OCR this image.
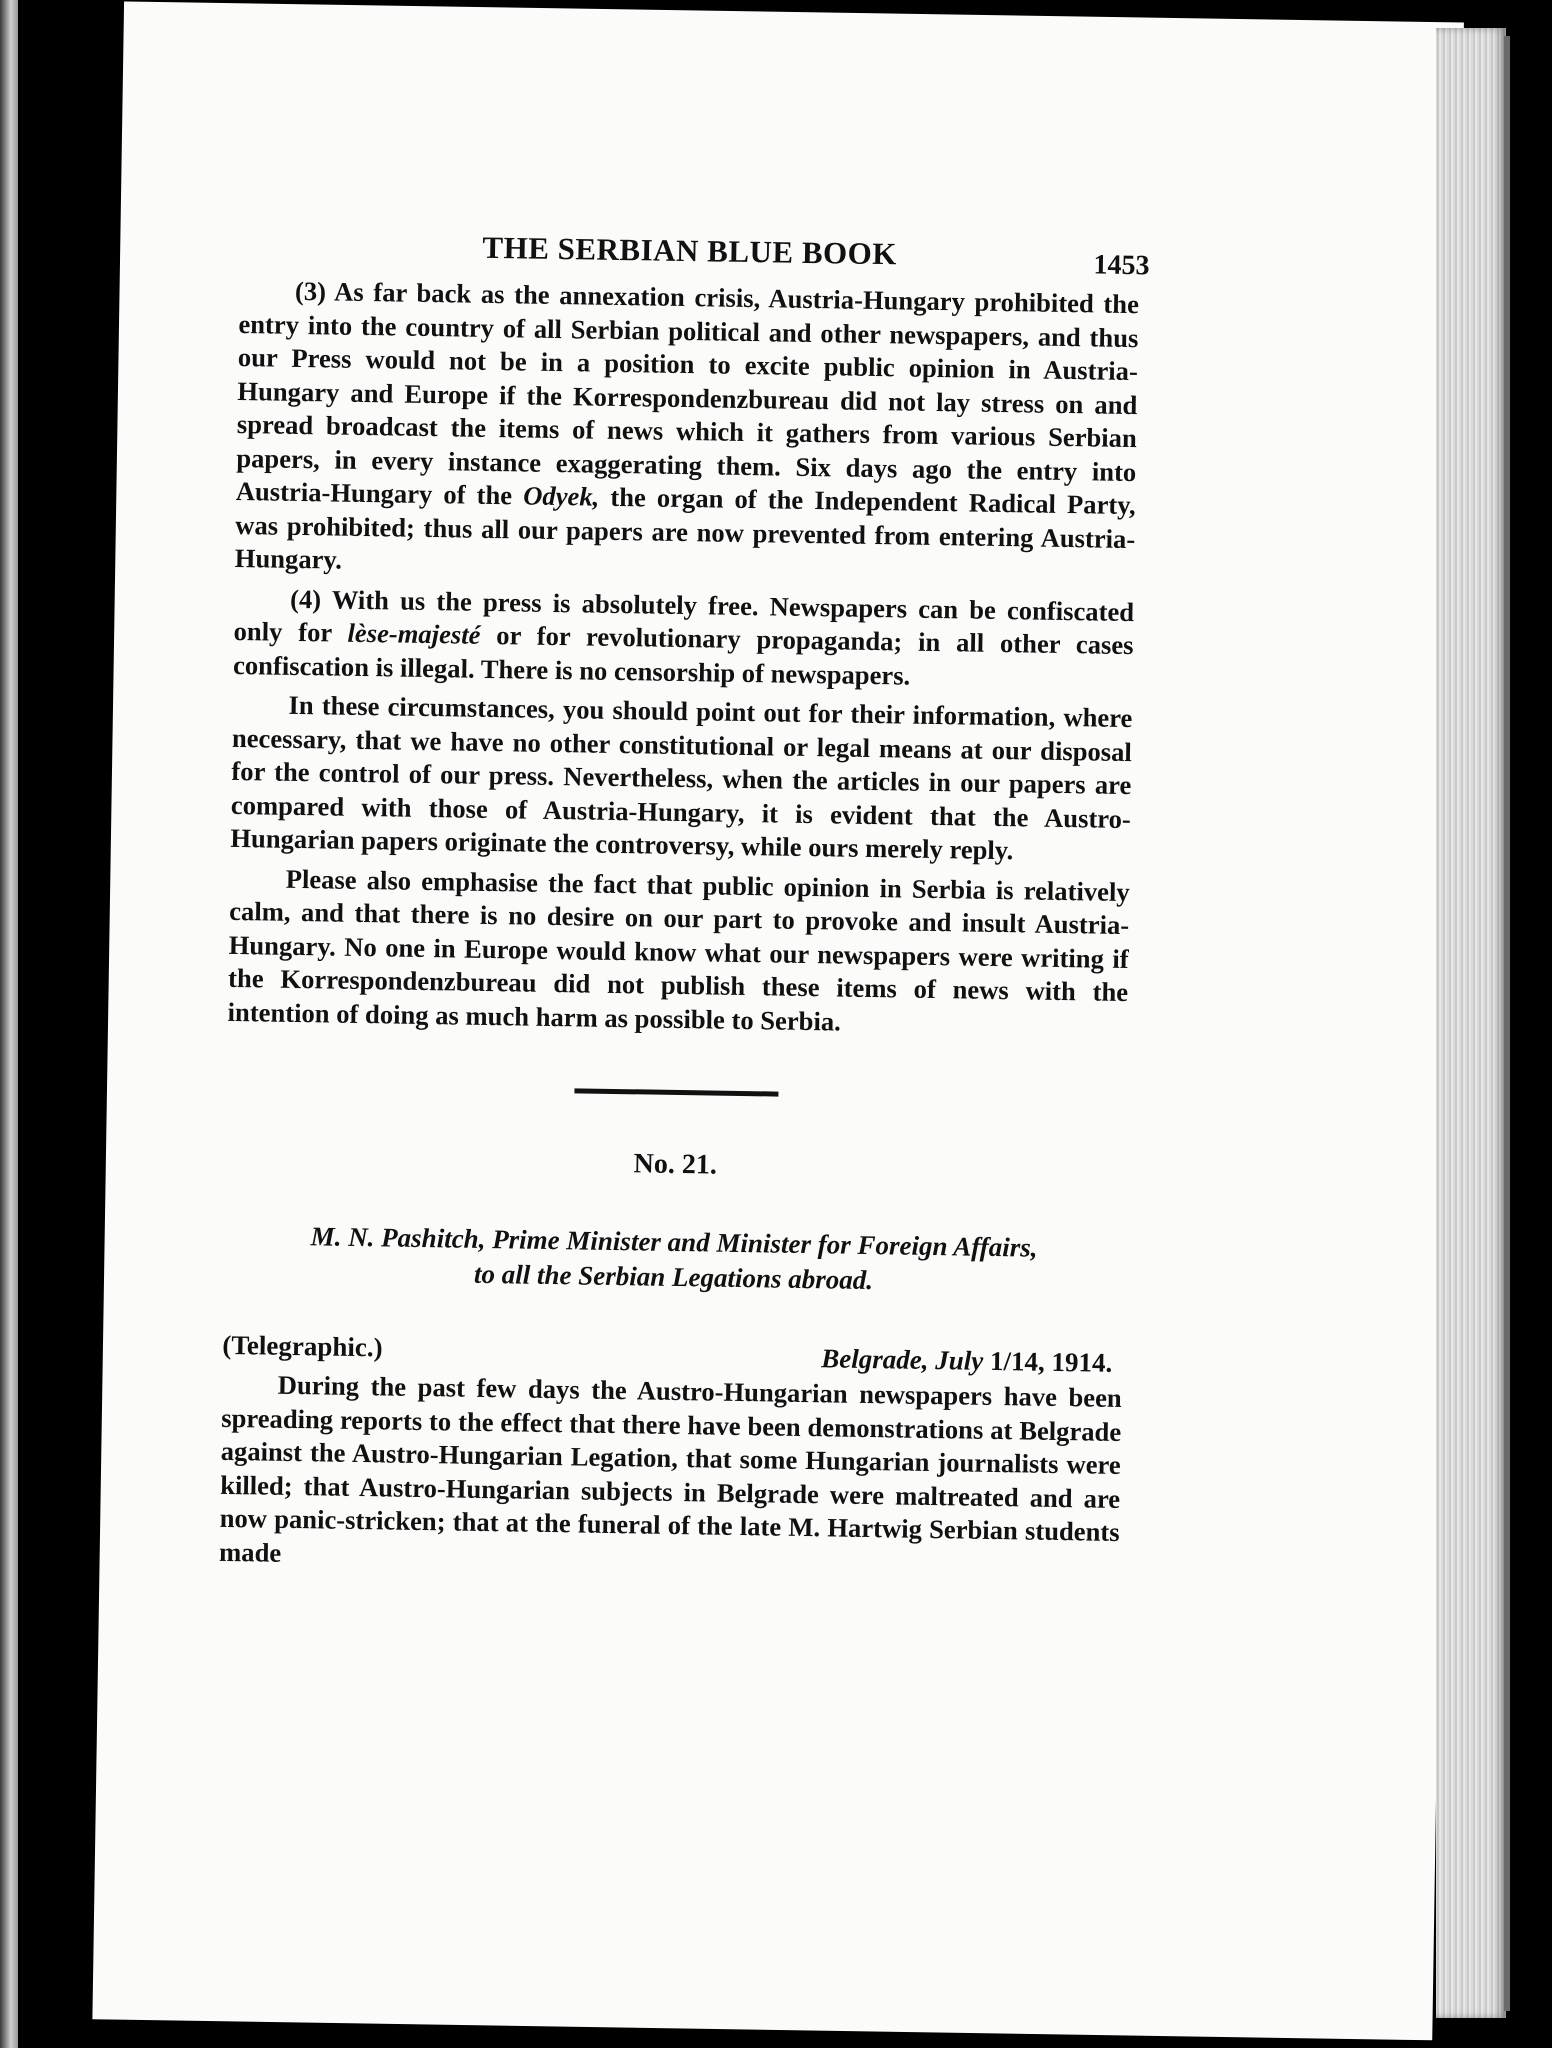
THE SERBIAN BLUE BOOK	1453

(3) As far back as the annexation crisis, Austria-Hungary prohibited the entry into the country of all Serbian political and other newspapers, and thus our Press would not be in a position to excite public opinion in Austria-Hungary and Europe if the Korrespondenzbureau did not lay stress on and spread broadcast the items of news which it gathers from various Serbian papers, in every instance exaggerating them. Six days ago the entry into Austria-Hungary of the Odyek, the organ of the Independent Radical Party, was prohibited; thus all our papers are now prevented from entering Austria-Hungary.

(4) With us the press is absolutely free. Newspapers can be confiscated only for lèse-majesté or for revolutionary propaganda; in all other cases confiscation is illegal. There is no censorship of newspapers.

In these circumstances, you should point out for their information, where necessary, that we have no other constitutional or legal means at our disposal for the control of our press. Nevertheless, when the articles in our papers are compared with those of Austria-Hungary, it is evident that the Austro-Hungarian papers originate the controversy, while ours merely reply.

Please also emphasise the fact that public opinion in Serbia is relatively calm, and that there is no desire on our part to provoke and insult Austria-Hungary. No one in Europe would know what our newspapers were writing if the Korrespondenzbureau did not publish these items of news with the intention of doing as much harm as possible to Serbia.

No. 21.
M. N. Pashitch, Prime Minister and Minister for Foreign Affairs,
to all the Serbian Legations abroad.
(Telegraphic.)	Belgrade, July 1/14, 1914.

During the past few days the Austro-Hungarian newspapers have been spreading reports to the effect that there have been demonstrations at Belgrade against the Austro-Hungarian Legation, that some Hungarian journalists were killed; that Austro-Hungarian subjects in Belgrade were maltreated and are now panic-stricken; that at the funeral of the late M. Hartwig Serbian students made
